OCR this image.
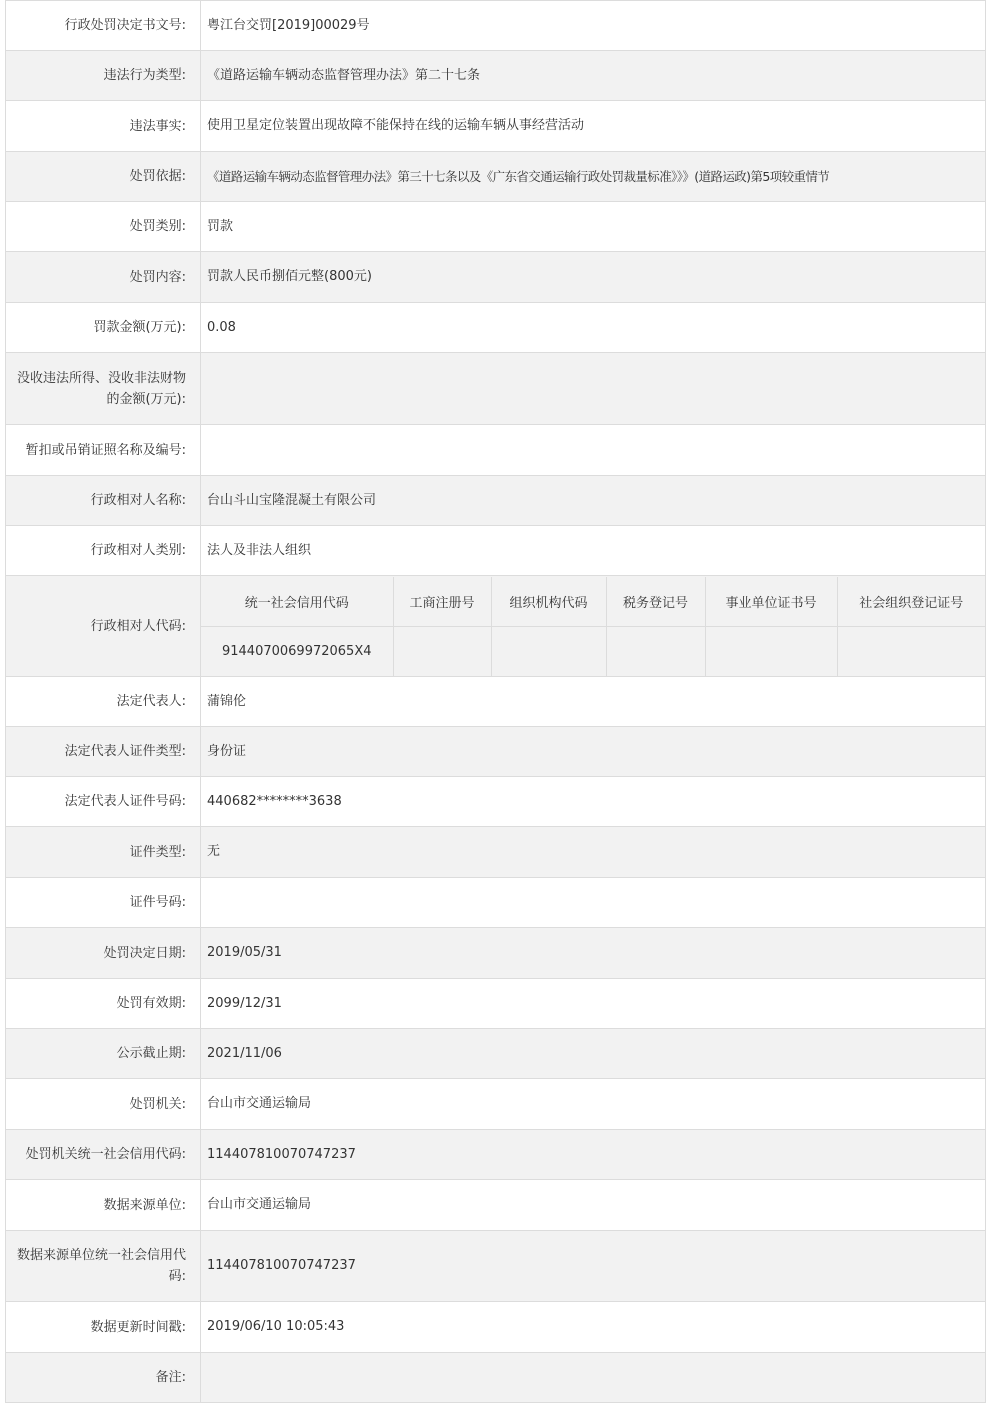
行政处罚决定书文号:	粤江台交罚[2019]00029号
违法行为类型:	《道路运输车辆动态监督管理办法》第二十七条
违法事实:	使用卫星定位装置出现故障不能保持在线的运输车辆从事经营活动
处罚依据:	《道路运输车辆动态监督管理办法》第三十七条以及《广东省交通运输行政处罚裁量标准》》》(道路运政)第5项较重情节
处罚类别:	罚款
处罚内容:	罚款人民币捌佰元整(800元)
罚款金额(万元):	0.08
没收违法所得、没收非法财物的金额(万元):	
暂扣或吊销证照名称及编号:	
行政相对人名称:	台山斗山宝隆混凝土有限公司
行政相对人类别:	法人及非法人组织
行政相对人代码:	
统一社会信用代码	工商注册号	组织机构代码	税务登记号	事业单位证书号	社会组织登记证号
9144070069972065X4					

法定代表人:	蒲锦伦
法定代表人证件类型:	身份证
法定代表人证件号码:	440682********3638
证件类型:	无
证件号码:	
处罚决定日期:	2019/05/31
处罚有效期:	2099/12/31
公示截止期:	2021/11/06
处罚机关:	台山市交通运输局
处罚机关统一社会信用代码:	114407810070747237
数据来源单位:	台山市交通运输局
数据来源单位统一社会信用代码:	114407810070747237
数据更新时间戳:	2019/06/10 10:05:43
备注:	
